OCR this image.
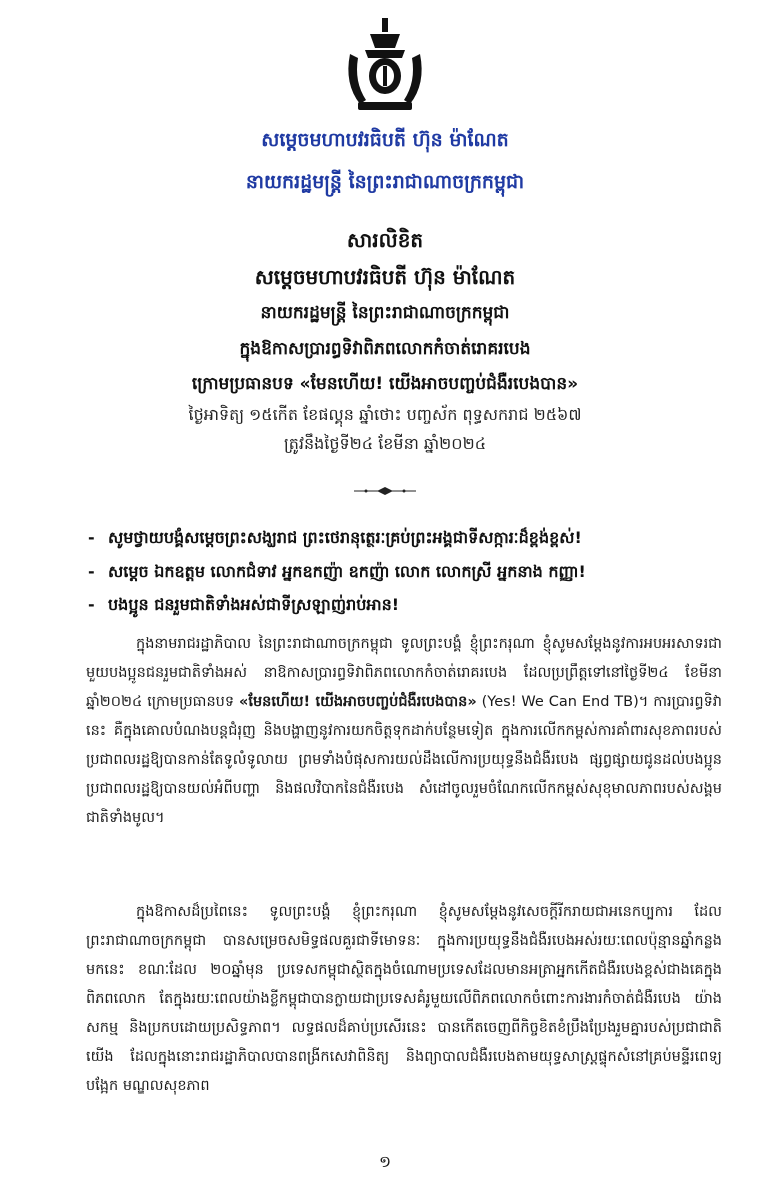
សម្តេចមហាបវរធិបតី ហ៊ុន ម៉ាណែត
នាយករដ្ឋមន្ត្រី នៃព្រះរាជាណាចក្រកម្ពុជា
សារលិខិត
សម្តេចមហាបវរធិបតី ហ៊ុន ម៉ាណែត
នាយករដ្ឋមន្ត្រី នៃព្រះរាជាណាចក្រកម្ពុជា
ក្នុងឱកាសប្រារព្ធទិវាពិភពលោកកំចាត់រោគរបេង
ក្រោមប្រធានបទ «មែនហើយ! យើងអាចបញ្ចប់ជំងឺរបេងបាន»
ថ្ងៃអាទិត្យ ១៥កើត ខែផល្គុន ឆ្នាំថោះ បញ្ចស័ក ពុទ្ធសករាជ ២៥៦៧
ត្រូវនឹងថ្ងៃទី២៤ ខែមីនា ឆ្នាំ២០២៤
- សូមថ្វាយបង្គំសម្តេចព្រះសង្ឃរាជ ព្រះថេរានុត្ថេរៈគ្រប់ព្រះអង្គជាទីសក្ការៈដ៏ខ្ពង់ខ្ពស់!
- សម្តេច ឯកឧត្តម លោកជំទាវ អ្នកឧកញ៉ា ឧកញ៉ា លោក លោកស្រី អ្នកនាង កញ្ញា!
- បងប្អូន ជនរួមជាតិទាំងអស់ជាទីស្រឡាញ់រាប់អាន!
ក្នុងនាមរាជរដ្ឋាភិបាល នៃព្រះរាជាណាចក្រកម្ពុជា ទូលព្រះបង្គំ ខ្ញុំព្រះករុណា ខ្ញុំសូមសម្តែងនូវការអបអរសាទរជាមួយបងប្អូនជនរួមជាតិទាំងអស់ នាឱកាសប្រារព្ធទិវាពិភពលោកកំចាត់រោគរបេង ដែលប្រព្រឹត្តទៅនៅថ្ងៃទី២៤ ខែមីនា ឆ្នាំ២០២៤ ក្រោមប្រធានបទ «មែនហើយ! យើងអាចបញ្ចប់ជំងឺរបេងបាន» (Yes! We Can End TB)។ ការប្រារព្ធទិវានេះ គឺក្នុងគោលបំណងបន្តជំរុញ និងបង្ហាញនូវការយកចិត្តទុកដាក់បន្ថែមទៀត ក្នុងការលើកកម្ពស់ការគាំពារសុខភាពរបស់ប្រជាពលរដ្ឋឱ្យបានកាន់តែទូលំទូលាយ ព្រមទាំងបំផុសការយល់ដឹងលើការប្រយុទ្ធនឹងជំងឺរបេង ផ្សព្វផ្សាយជូនដល់បងប្អូនប្រជាពលរដ្ឋឱ្យបានយល់អំពីបញ្ហា និងផលវិបាកនៃជំងឺរបេង សំដៅចូលរួមចំណែកលើកកម្ពស់សុខុមាលភាពរបស់សង្គមជាតិទាំងមូល។
ក្នុងឱកាសដ៏ប្រពៃនេះ ទូលព្រះបង្គំ ខ្ញុំព្រះករុណា ខ្ញុំសូមសម្តែងនូវសេចក្តីរីករាយជាអនេកប្បការ ដែលព្រះរាជាណាចក្រកម្ពុជា បានសម្រេចសមិទ្ធផលគួរជាទីមោទនៈ ក្នុងការប្រយុទ្ធនឹងជំងឺរបេងអស់រយៈពេលប៉ុន្មានឆ្នាំកន្លងមកនេះ ខណៈដែល ២០ឆ្នាំមុន ប្រទេសកម្ពុជាស្ថិតក្នុងចំណោមប្រទេសដែលមានអត្រាអ្នកកើតជំងឺរបេងខ្ពស់ជាងគេក្នុងពិភពលោក តែក្នុងរយៈពេលយ៉ាងខ្លីកម្ពុជាបានក្លាយជាប្រទេសគំរូមួយលើពិភពលោកចំពោះការងារកំចាត់ជំងឺរបេង យ៉ាងសកម្ម និងប្រកបដោយប្រសិទ្ធភាព។ លទ្ធផលដ៏គាប់ប្រសើរនេះ បានកើតចេញពីកិច្ចខិតខំប្រឹងប្រែងរួមគ្នារបស់ប្រជាជាតិយើង ដែលក្នុងនោះរាជរដ្ឋាភិបាលបានពង្រីកសេវាពិនិត្យ និងព្យាបាលជំងឺរបេងតាមយុទ្ធសាស្ត្រផ្ទុកសំនៅគ្រប់មន្ទីរពេទ្យបង្អែក មណ្ឌលសុខភាព
១
